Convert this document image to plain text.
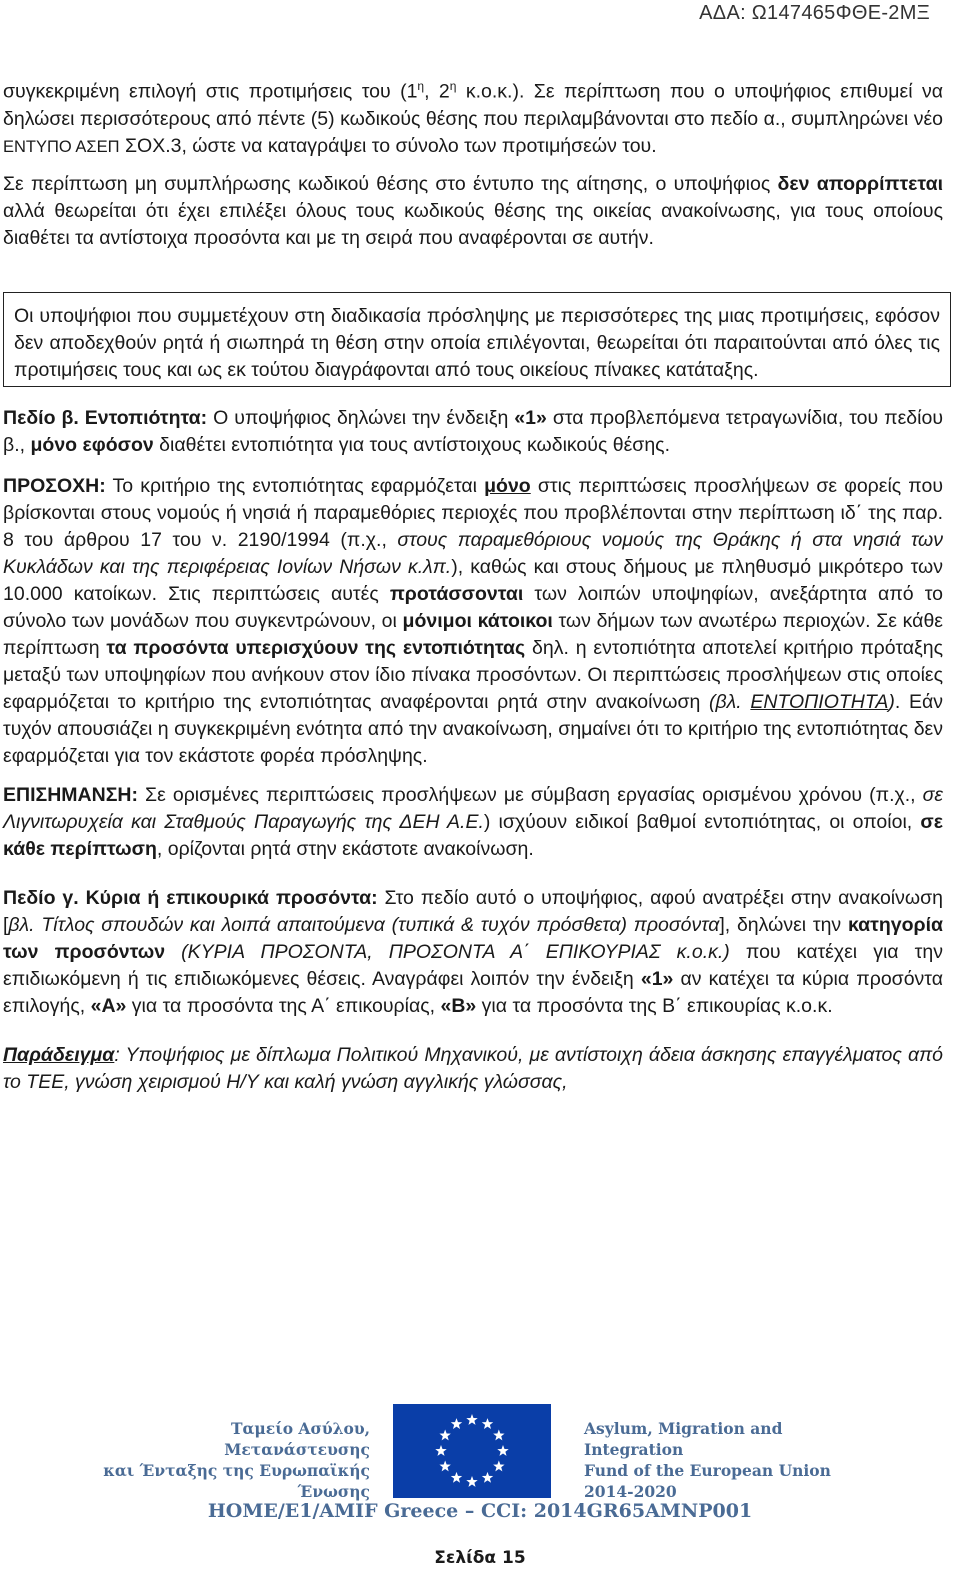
ΑΔΑ: Ω147465ΦΘΕ-2ΜΞ

συγκεκριμένη επιλογή στις προτιμήσεις του ($1^\eta$, $2^\eta$ κ.ο.κ.). Σε περίπτωση που ο υποψήφιος επιθυμεί να δηλώσει περισσότερους από πέντε (5) κωδικούς θέσης που περιλαμβάνονται στο πεδίο α., συμπληρώνει νέο ΕΝΤΥΠΟ ΑΣΕΠ ΣΟΧ.3, ώστε να καταγράψει το σύνολο των προτιμήσεών του.

Σε περίπτωση μη συμπλήρωσης κωδικού θέσης στο έντυπο της αίτησης, ο υποψήφιος δεν απορρίπτεται αλλά θεωρείται ότι έχει επιλέξει όλους τους κωδικούς θέσης της οικείας ανακοίνωσης, για τους οποίους διαθέτει τα αντίστοιχα προσόντα και με τη σειρά που αναφέρονται σε αυτήν.

Οι υποψήφιοι που συμμετέχουν στη διαδικασία πρόσληψης με περισσότερες της μιας προτιμήσεις, εφόσον δεν αποδεχθούν ρητά ή σιωπηρά τη θέση στην οποία επιλέγονται, θεωρείται ότι παραιτούνται από όλες τις προτιμήσεις τους και ως εκ τούτου διαγράφονται από τους οικείους πίνακες κατάταξης.

Πεδίο β. Εντοπιότητα: Ο υποψήφιος δηλώνει την ένδειξη «1» στα προβλεπόμενα τετραγωνίδια, του πεδίου β., μόνο εφόσον διαθέτει εντοπιότητα για τους αντίστοιχους κωδικούς θέσης.

ΠΡΟΣΟΧΗ: Το κριτήριο της εντοπιότητας εφαρμόζεται μόνο στις περιπτώσεις προσλήψεων σε φορείς που βρίσκονται στους νομούς ή νησιά ή παραμεθόριες περιοχές που προβλέπονται στην περίπτωση ιδ΄ της παρ. 8 του άρθρου 17 του ν. 2190/1994 (π.χ., στους παραμεθόριους νομούς της Θράκης ή στα νησιά των Κυκλάδων και της περιφέρειας Ιονίων Νήσων κ.λπ.), καθώς και στους δήμους με πληθυσμό μικρότερο των 10.000 κατοίκων. Στις περιπτώσεις αυτές προτάσσονται των λοιπών υποψηφίων, ανεξάρτητα από το σύνολο των μονάδων που συγκεντρώνουν, οι μόνιμοι κάτοικοι των δήμων των ανωτέρω περιοχών. Σε κάθε περίπτωση τα προσόντα υπερισχύουν της εντοπιότητας δηλ. η εντοπιότητα αποτελεί κριτήριο πρόταξης μεταξύ των υποψηφίων που ανήκουν στον ίδιο πίνακα προσόντων. Οι περιπτώσεις προσλήψεων στις οποίες εφαρμόζεται το κριτήριο της εντοπιότητας αναφέρονται ρητά στην ανακοίνωση (βλ. ΕΝΤΟΠΙΟΤΗΤΑ). Εάν τυχόν απουσιάζει η συγκεκριμένη ενότητα από την ανακοίνωση, σημαίνει ότι το κριτήριο της εντοπιότητας δεν εφαρμόζεται για τον εκάστοτε φορέα πρόσληψης.

ΕΠΙΣΗΜΑΝΣΗ: Σε ορισμένες περιπτώσεις προσλήψεων με σύμβαση εργασίας ορισμένου χρόνου (π.χ., σε Λιγνιτωρυχεία και Σταθμούς Παραγωγής της ΔΕΗ Α.Ε.) ισχύουν ειδικοί βαθμοί εντοπιότητας, οι οποίοι, σε κάθε περίπτωση, ορίζονται ρητά στην εκάστοτε ανακοίνωση.

Πεδίο γ. Κύρια ή επικουρικά προσόντα: Στο πεδίο αυτό ο υποψήφιος, αφού ανατρέξει στην ανακοίνωση [βλ. Τίτλος σπουδών και λοιπά απαιτούμενα (τυπικά & τυχόν πρόσθετα) προσόντα], δηλώνει την κατηγορία των προσόντων (ΚΥΡΙΑ ΠΡΟΣΟΝΤΑ, ΠΡΟΣΟΝΤΑ Α΄ ΕΠΙΚΟΥΡΙΑΣ κ.ο.κ.) που κατέχει για την επιδιωκόμενη ή τις επιδιωκόμενες θέσεις. Αναγράφει λοιπόν την ένδειξη «1» αν κατέχει τα κύρια προσόντα επιλογής, «Α» για τα προσόντα της Α΄ επικουρίας, «Β» για τα προσόντα της Β΄ επικουρίας κ.ο.κ.

Παράδειγμα: Υποψήφιος με δίπλωμα Πολιτικού Μηχανικού, με αντίστοιχη άδεια άσκησης επαγγέλματος από το ΤΕΕ, γνώση χειρισμού Η/Υ και καλή γνώση αγγλικής γλώσσας,

Ταμείο Ασύλου, Μετανάστευσης
και Ένταξης της Ευρωπαϊκής
Ένωσης
Asylum, Migration and Integration
Fund of the European Union
2014-2020
HOME/E1/AMIF Greece – CCI: 2014GR65AMNP001
Σελίδα 15
